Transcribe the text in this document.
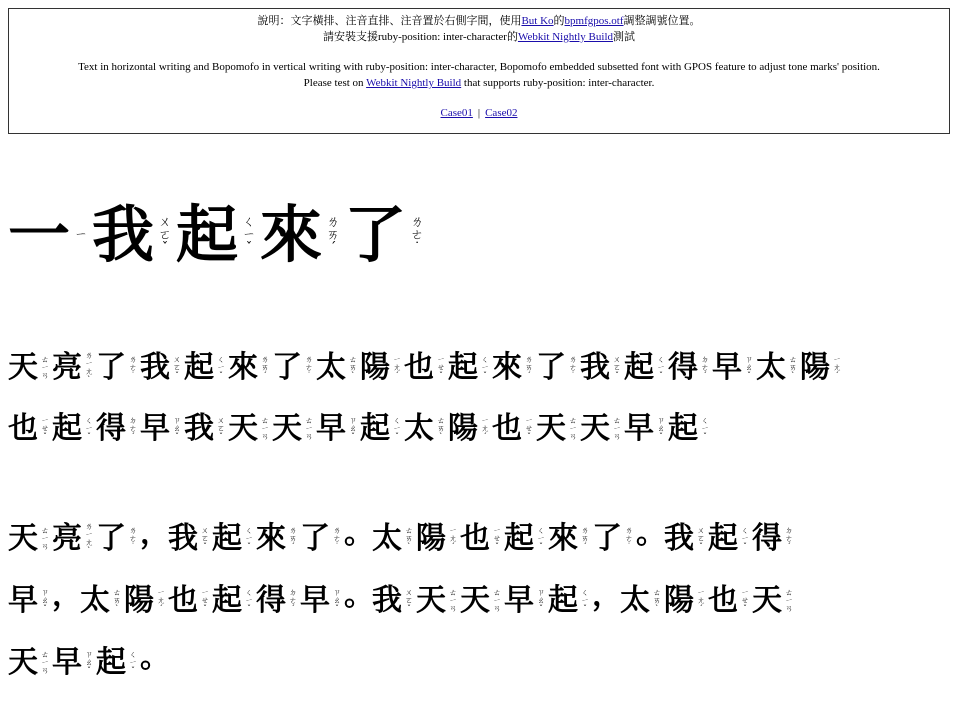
說明：文字橫排、注音直排、注音置於右側字間，使用But Ko的bpmfgpos.otf調整調號位置。

請安裝支援ruby-position: inter-character的Webkit Nightly Build測試

Text in horizontal writing and Bopomofo in vertical writing with ruby-position: inter-character, Bopomofo embedded subsetted font with GPOS feature to adjust tone marks' position.

Please test on Webkit Nightly Build that supports ruby-position: inter-character.

Case01 | Case02

一 ㄧ 我 ㄨ
ㄛ
ˇ 起 ㄑ
ㄧ
ˇ 來 ㄌ
ㄞ
ˊ 了 ㄌ
ㄜ
˙
天 ㄊ
ㄧ
ㄢ 亮 ㄌ
ㄧ
ㄤ
ˋ 了 ㄌ
ㄜ
˙ 我 ㄨ
ㄛ
ˇ 起 ㄑ
ㄧ
ˇ 來 ㄌ
ㄞ
ˊ 了 ㄌ
ㄜ
˙ 太 ㄊ
ㄞ
ˋ 陽 ㄧ
ㄤ
ˊ 也 ㄧ
ㄝ
ˇ 起 ㄑ
ㄧ
ˇ 來 ㄌ
ㄞ
ˊ 了 ㄌ
ㄜ
˙ 我 ㄨ
ㄛ
ˇ 起 ㄑ
ㄧ
ˇ 得 ㄉ
ㄜ
ˊ 早 ㄗ
ㄠ
ˇ 太 ㄊ
ㄞ
ˋ 陽 ㄧ
ㄤ
ˊ
也 ㄧ
ㄝ
ˇ 起 ㄑ
ㄧ
ˇ 得 ㄉ
ㄜ
ˊ 早 ㄗ
ㄠ
ˇ 我 ㄨ
ㄛ
ˇ 天 ㄊ
ㄧ
ㄢ 天 ㄊ
ㄧ
ㄢ 早 ㄗ
ㄠ
ˇ 起 ㄑ
ㄧ
ˇ 太 ㄊ
ㄞ
ˋ 陽 ㄧ
ㄤ
ˊ 也 ㄧ
ㄝ
ˇ 天 ㄊ
ㄧ
ㄢ 天 ㄊ
ㄧ
ㄢ 早 ㄗ
ㄠ
ˇ 起 ㄑ
ㄧ
ˇ
天 ㄊ
ㄧ
ㄢ 亮 ㄌ
ㄧ
ㄤ
ˋ 了 ㄌ
ㄜ
˙ ，
我 ㄨ
ㄛ
ˇ 起 ㄑ
ㄧ
ˇ 來 ㄌ
ㄞ
ˊ 了 ㄌ
ㄜ
˙ 。
太 ㄊ
ㄞ
ˋ 陽 ㄧ
ㄤ
ˊ 也 ㄧ
ㄝ
ˇ 起 ㄑ
ㄧ
ˇ 來 ㄌ
ㄞ
ˊ 了 ㄌ
ㄜ
˙ 。
我 ㄨ
ㄛ
ˇ 起 ㄑ
ㄧ
ˇ 得 ㄉ
ㄜ
ˊ
早 ㄗ
ㄠ
ˇ ，
太 ㄊ
ㄞ
ˋ 陽 ㄧ
ㄤ
ˊ 也 ㄧ
ㄝ
ˇ 起 ㄑ
ㄧ
ˇ 得 ㄉ
ㄜ
ˊ 早 ㄗ
ㄠ
ˇ 。
我 ㄨ
ㄛ
ˇ 天 ㄊ
ㄧ
ㄢ 天 ㄊ
ㄧ
ㄢ 早 ㄗ
ㄠ
ˇ 起 ㄑ
ㄧ
ˇ ，
太 ㄊ
ㄞ
ˋ 陽 ㄧ
ㄤ
ˊ 也 ㄧ
ㄝ
ˇ 天 ㄊ
ㄧ
ㄢ
天 ㄊ
ㄧ
ㄢ 早 ㄗ
ㄠ
ˇ 起 ㄑ
ㄧ
ˇ 。
